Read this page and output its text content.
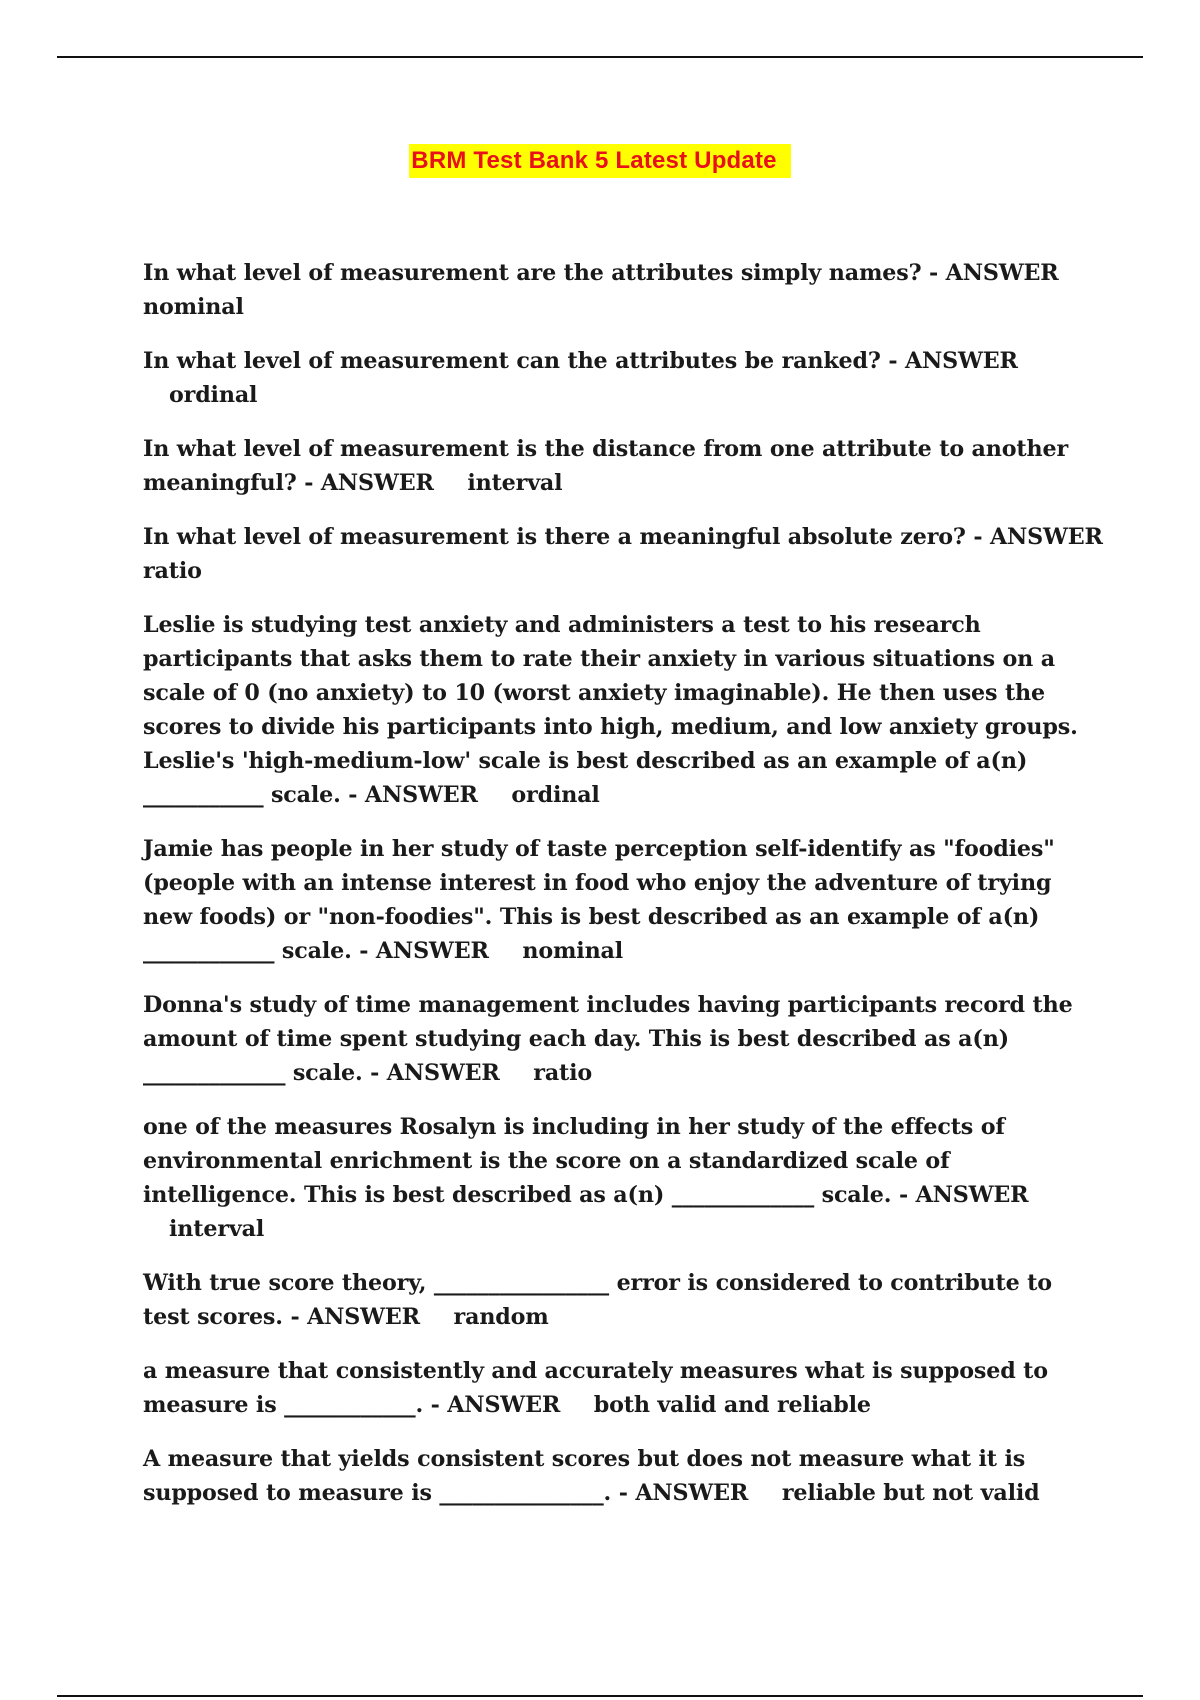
BRM Test Bank 5 Latest Update

In what level of measurement are the attributes simply names? - ANSWER
nominal

In what level of measurement can the attributes be ranked? - ANSWER ordinal

In what level of measurement is the distance from one attribute to another meaningful? - ANSWER interval

In what level of measurement is there a meaningful absolute zero? - ANSWER
ratio

Leslie is studying test anxiety and administers a test to his research participants that asks them to rate their anxiety in various situations on a scale of 0 (no anxiety) to 10 (worst anxiety imaginable). He then uses the scores to divide his participants into high, medium, and low anxiety groups. Leslie's 'high-medium-low' scale is best described as an example of a(n) ___________ scale. - ANSWER ordinal

Jamie has people in her study of taste perception self-identify as "foodies" (people with an intense interest in food who enjoy the adventure of trying new foods) or "non-foodies". This is best described as an example of a(n) ____________ scale. - ANSWER nominal

Donna's study of time management includes having participants record the amount of time spent studying each day. This is best described as a(n) _____________ scale. - ANSWER ratio

one of the measures Rosalyn is including in her study of the effects of environmental enrichment is the score on a standardized scale of intelligence. This is best described as a(n) _____________ scale. - ANSWER interval

With true score theory, ________________ error is considered to contribute to test scores. - ANSWER random

a measure that consistently and accurately measures what is supposed to measure is ____________. - ANSWER both valid and reliable

A measure that yields consistent scores but does not measure what it is supposed to measure is _______________. - ANSWER reliable but not valid
